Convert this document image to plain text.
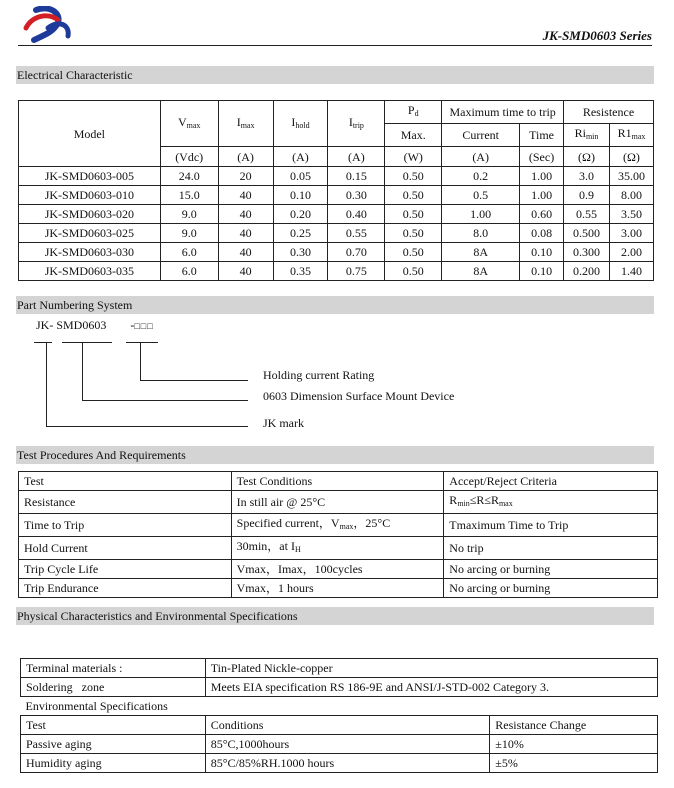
JK-SMD0603 Series
Electrical Characteristic
Model	$V_{max}$	$I_{max}$	$I_{hold}$	$I_{trip}$	$P_d$	Maximum time to trip		Resistence	
					Max.	Current	Time	$Ri_{min}$	$R1_{max}$
	(Vdc)	(A)	(A)	(A)	(W)	(A)	(Sec)	(Ω)	(Ω)
JK-SMD0603-005	24.0	20	0.05	0.15	0.50	0.2	1.00	3.0	35.00
JK-SMD0603-010	15.0	40	0.10	0.30	0.50	0.5	1.00	0.9	8.00
JK-SMD0603-020	9.0	40	0.20	0.40	0.50	1.00	0.60	0.55	3.50
JK-SMD0603-025	9.0	40	0.25	0.55	0.50	8.0	0.08	0.500	3.00
JK-SMD0603-030	6.0	40	0.30	0.70	0.50	8A	0.10	0.300	2.00
JK-SMD0603-035	6.0	40	0.35	0.75	0.50	8A	0.10	0.200	1.40
Part Numbering System
JK- SMD0603 -□□□
Holding current Rating
0603 Dimension Surface Mount Device
JK mark
Test Procedures And Requirements
Test	Test Conditions	Accept/Reject Criteria
Resistance	In still air @ 25°C	$R_{min}\le R\le R_{max}$
Time to Trip	Specified current，$V_{max}$，25°C	Tmaximum Time to Trip
Hold Current	30min，at $I_H$	No trip
Trip Cycle Life	Vmax，Imax，100cycles	No arcing or burning
Trip Endurance	Vmax，1 hours	No arcing or burning
Physical Characteristics and Environmental Specifications
Terminal materials :	Tin-Plated Nickle-copper	
Soldering   zone	Meets EIA specification RS 186-9E and ANSI/J-STD-002 Category 3.	
Environmental Specifications		
Test	Conditions	Resistance Change
Passive aging	85°C,1000hours	±10%
Humidity aging	85°C/85%RH.1000 hours	±5%
